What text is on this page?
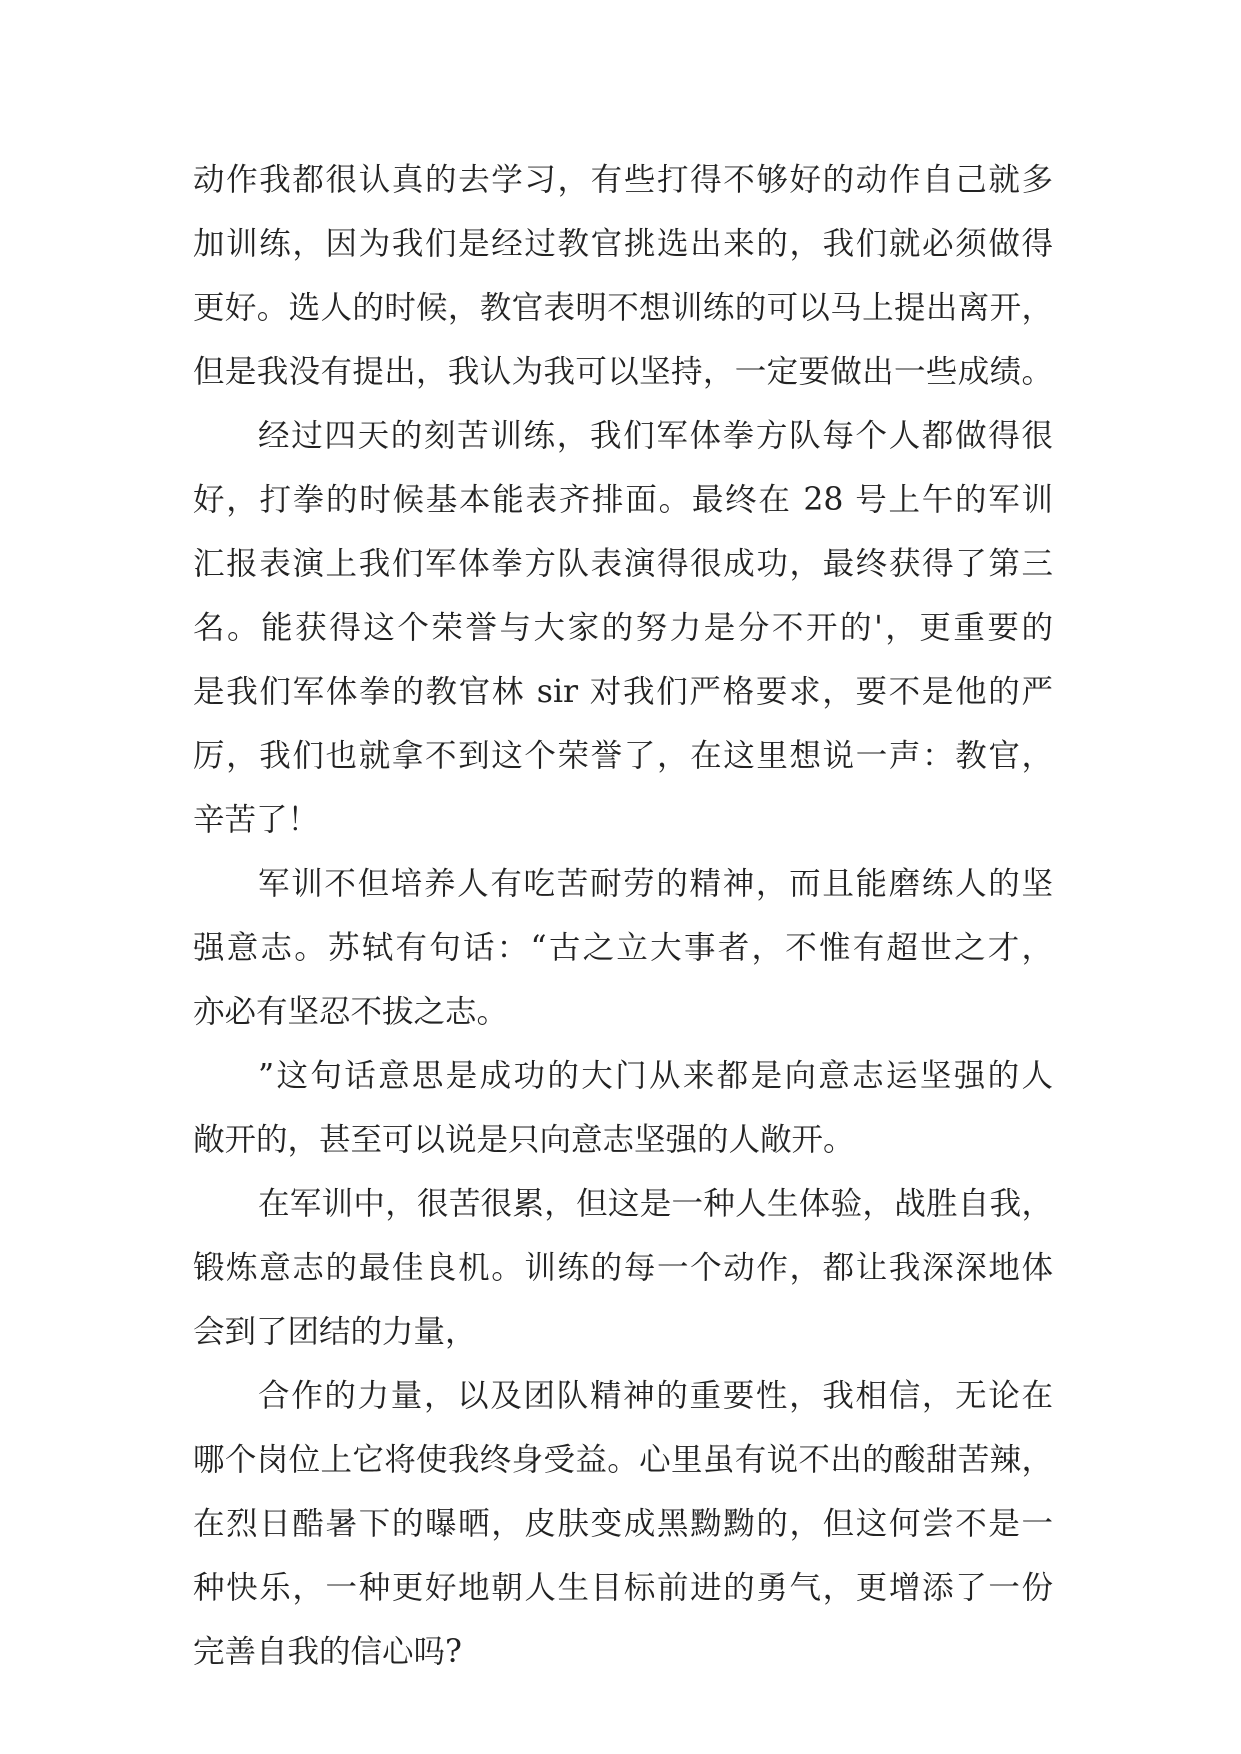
动作我都很认真的去学习，有些打得不够好的动作自己就多
加训练，因为我们是经过教官挑选出来的，我们就必须做得
更好。选人的时候，教官表明不想训练的可以马上提出离开，
但是我没有提出，我认为我可以坚持，一定要做出一些成绩。
经过四天的刻苦训练，我们军体拳方队每个人都做得很
好，打拳的时候基本能表齐排面。最终在 28 号上午的军训
汇报表演上我们军体拳方队表演得很成功，最终获得了第三
名。能获得这个荣誉与大家的努力是分不开的'，更重要的
是我们军体拳的教官林 sir 对我们严格要求，要不是他的严
厉，我们也就拿不到这个荣誉了，在这里想说一声：教官，
辛苦了！
军训不但培养人有吃苦耐劳的精神，而且能磨练人的坚
强意志。苏轼有句话：“古之立大事者，不惟有超世之才，
亦必有坚忍不拔之志。
”这句话意思是成功的大门从来都是向意志运坚强的人
敞开的，甚至可以说是只向意志坚强的人敞开。
在军训中，很苦很累，但这是一种人生体验，战胜自我，
锻炼意志的最佳良机。训练的每一个动作，都让我深深地体
会到了团结的力量，
合作的力量，以及团队精神的重要性，我相信，无论在
哪个岗位上它将使我终身受益。心里虽有说不出的酸甜苦辣，
在烈日酷暑下的曝晒，皮肤变成黑黝黝的，但这何尝不是一
种快乐，一种更好地朝人生目标前进的勇气，更增添了一份
完善自我的信心吗?
